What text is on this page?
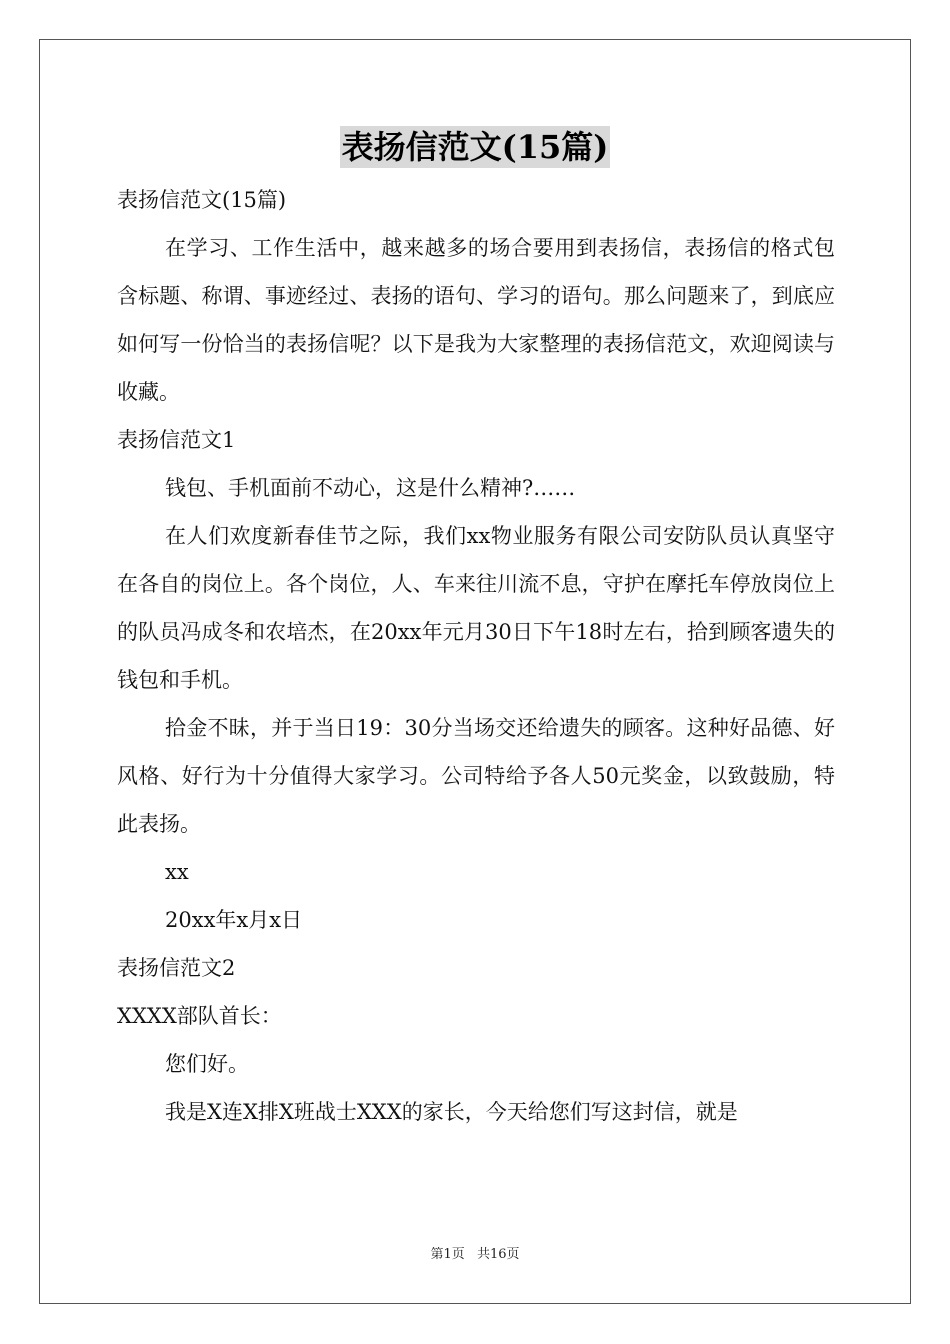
表扬信范文(15篇)

表扬信范文(15篇)

在学习、工作生活中，越来越多的场合要用到表扬信，表扬信的格式包含标题、称谓、事迹经过、表扬的语句、学习的语句。那么问题来了，到底应如何写一份恰当的表扬信呢？以下是我为大家整理的表扬信范文，欢迎阅读与收藏。

表扬信范文1

钱包、手机面前不动心，这是什么精神?……

在人们欢度新春佳节之际，我们xx物业服务有限公司安防队员认真坚守在各自的岗位上。各个岗位，人、车来往川流不息，守护在摩托车停放岗位上的队员冯成冬和农培杰，在20xx年元月30日下午18时左右，拾到顾客遗失的钱包和手机。

拾金不昧，并于当日19：30分当场交还给遗失的顾客。这种好品德、好风格、好行为十分值得大家学习。公司特给予各人50元奖金，以致鼓励，特此表扬。

xx

20xx年x月x日

表扬信范文2

XXXX部队首长：

您们好。

我是X连X排X班战士XXX的家长，今天给您们写这封信，就是

第1页 共16页
